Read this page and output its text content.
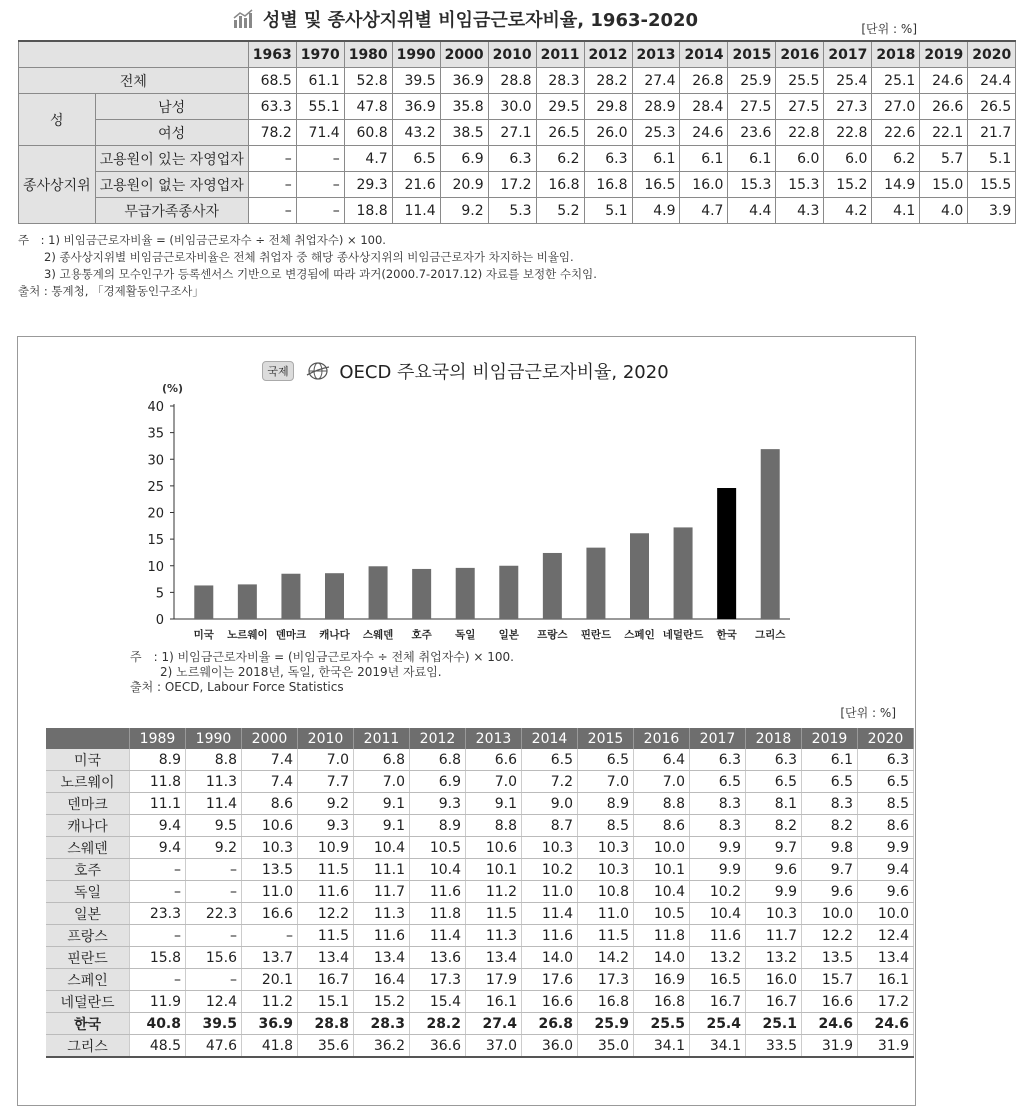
성별 및 종사상지위별 비임금근로자비율, 1963-2020	[단위 : %]
		1963	1970	1980	1990	2000	2010	2011	2012	2013	2014	2015	2016	2017	2018	2019	2020
전체		68.5	61.1	52.8	39.5	36.9	28.8	28.3	28.2	27.4	26.8	25.9	25.5	25.4	25.1	24.6	24.4
성	남성	63.3	55.1	47.8	36.9	35.8	30.0	29.5	29.8	28.9	28.4	27.5	27.5	27.3	27.0	26.6	26.5
	여성	78.2	71.4	60.8	43.2	38.5	27.1	26.5	26.0	25.3	24.6	23.6	22.8	22.8	22.6	22.1	21.7
종사상지위	고용원이 있는 자영업자	–	–	4.7	6.5	6.9	6.3	6.2	6.3	6.1	6.1	6.1	6.0	6.0	6.2	5.7	5.1
	고용원이 없는 자영업자	–	–	29.3	21.6	20.9	17.2	16.8	16.8	16.5	16.0	15.3	15.3	15.2	14.9	15.0	15.5
	무급가족종사자	–	–	18.8	11.4	9.2	5.3	5.2	5.1	4.9	4.7	4.4	4.3	4.2	4.1	4.0	3.9
주　: 1) 비임금근로자비율 = (비임금근로자수 ÷ 전체 취업자수) × 100.
2) 종사상지위별 비임금근로자비율은 전체 취업자 중 해당 종사상지위의 비임금근로자가 차지하는 비율임.
3) 고용통계의 모수인구가 등록센서스 기반으로 변경됨에 따라 과거(2000.7-2017.12) 자료를 보정한 수치임.
출처 : 통계청, 「경제활동인구조사」
국제	OECD 주요국의 비임금근로자비율, 2020
(%)
0
5
10
15
20
25
30
35
40
미국 노르웨이 덴마크 캐나다 스웨덴 호주 독일 일본 프랑스 핀란드 스페인 네덜란드 한국 그리스
주　: 1) 비임금근로자비율 = (비임금근로자수 ÷ 전체 취업자수) × 100.
2) 노르웨이는 2018년, 독일, 한국은 2019년 자료임.
출처 : OECD, Labour Force Statistics
[단위 : %]
	1989	1990	2000	2010	2011	2012	2013	2014	2015	2016	2017	2018	2019	2020
미국	8.9	8.8	7.4	7.0	6.8	6.8	6.6	6.5	6.5	6.4	6.3	6.3	6.1	6.3
노르웨이	11.8	11.3	7.4	7.7	7.0	6.9	7.0	7.2	7.0	7.0	6.5	6.5	6.5	6.5
덴마크	11.1	11.4	8.6	9.2	9.1	9.3	9.1	9.0	8.9	8.8	8.3	8.1	8.3	8.5
캐나다	9.4	9.5	10.6	9.3	9.1	8.9	8.8	8.7	8.5	8.6	8.3	8.2	8.2	8.6
스웨덴	9.4	9.2	10.3	10.9	10.4	10.5	10.6	10.3	10.3	10.0	9.9	9.7	9.8	9.9
호주	–	–	13.5	11.5	11.1	10.4	10.1	10.2	10.3	10.1	9.9	9.6	9.7	9.4
독일	–	–	11.0	11.6	11.7	11.6	11.2	11.0	10.8	10.4	10.2	9.9	9.6	9.6
일본	23.3	22.3	16.6	12.2	11.3	11.8	11.5	11.4	11.0	10.5	10.4	10.3	10.0	10.0
프랑스	–	–	–	11.5	11.6	11.4	11.3	11.6	11.5	11.8	11.6	11.7	12.2	12.4
핀란드	15.8	15.6	13.7	13.4	13.4	13.6	13.4	14.0	14.2	14.0	13.2	13.2	13.5	13.4
스페인	–	–	20.1	16.7	16.4	17.3	17.9	17.6	17.3	16.9	16.5	16.0	15.7	16.1
네덜란드	11.9	12.4	11.2	15.1	15.2	15.4	16.1	16.6	16.8	16.8	16.7	16.7	16.6	17.2
한국	40.8	39.5	36.9	28.8	28.3	28.2	27.4	26.8	25.9	25.5	25.4	25.1	24.6	24.6
그리스	48.5	47.6	41.8	35.6	36.2	36.6	37.0	36.0	35.0	34.1	34.1	33.5	31.9	31.9
